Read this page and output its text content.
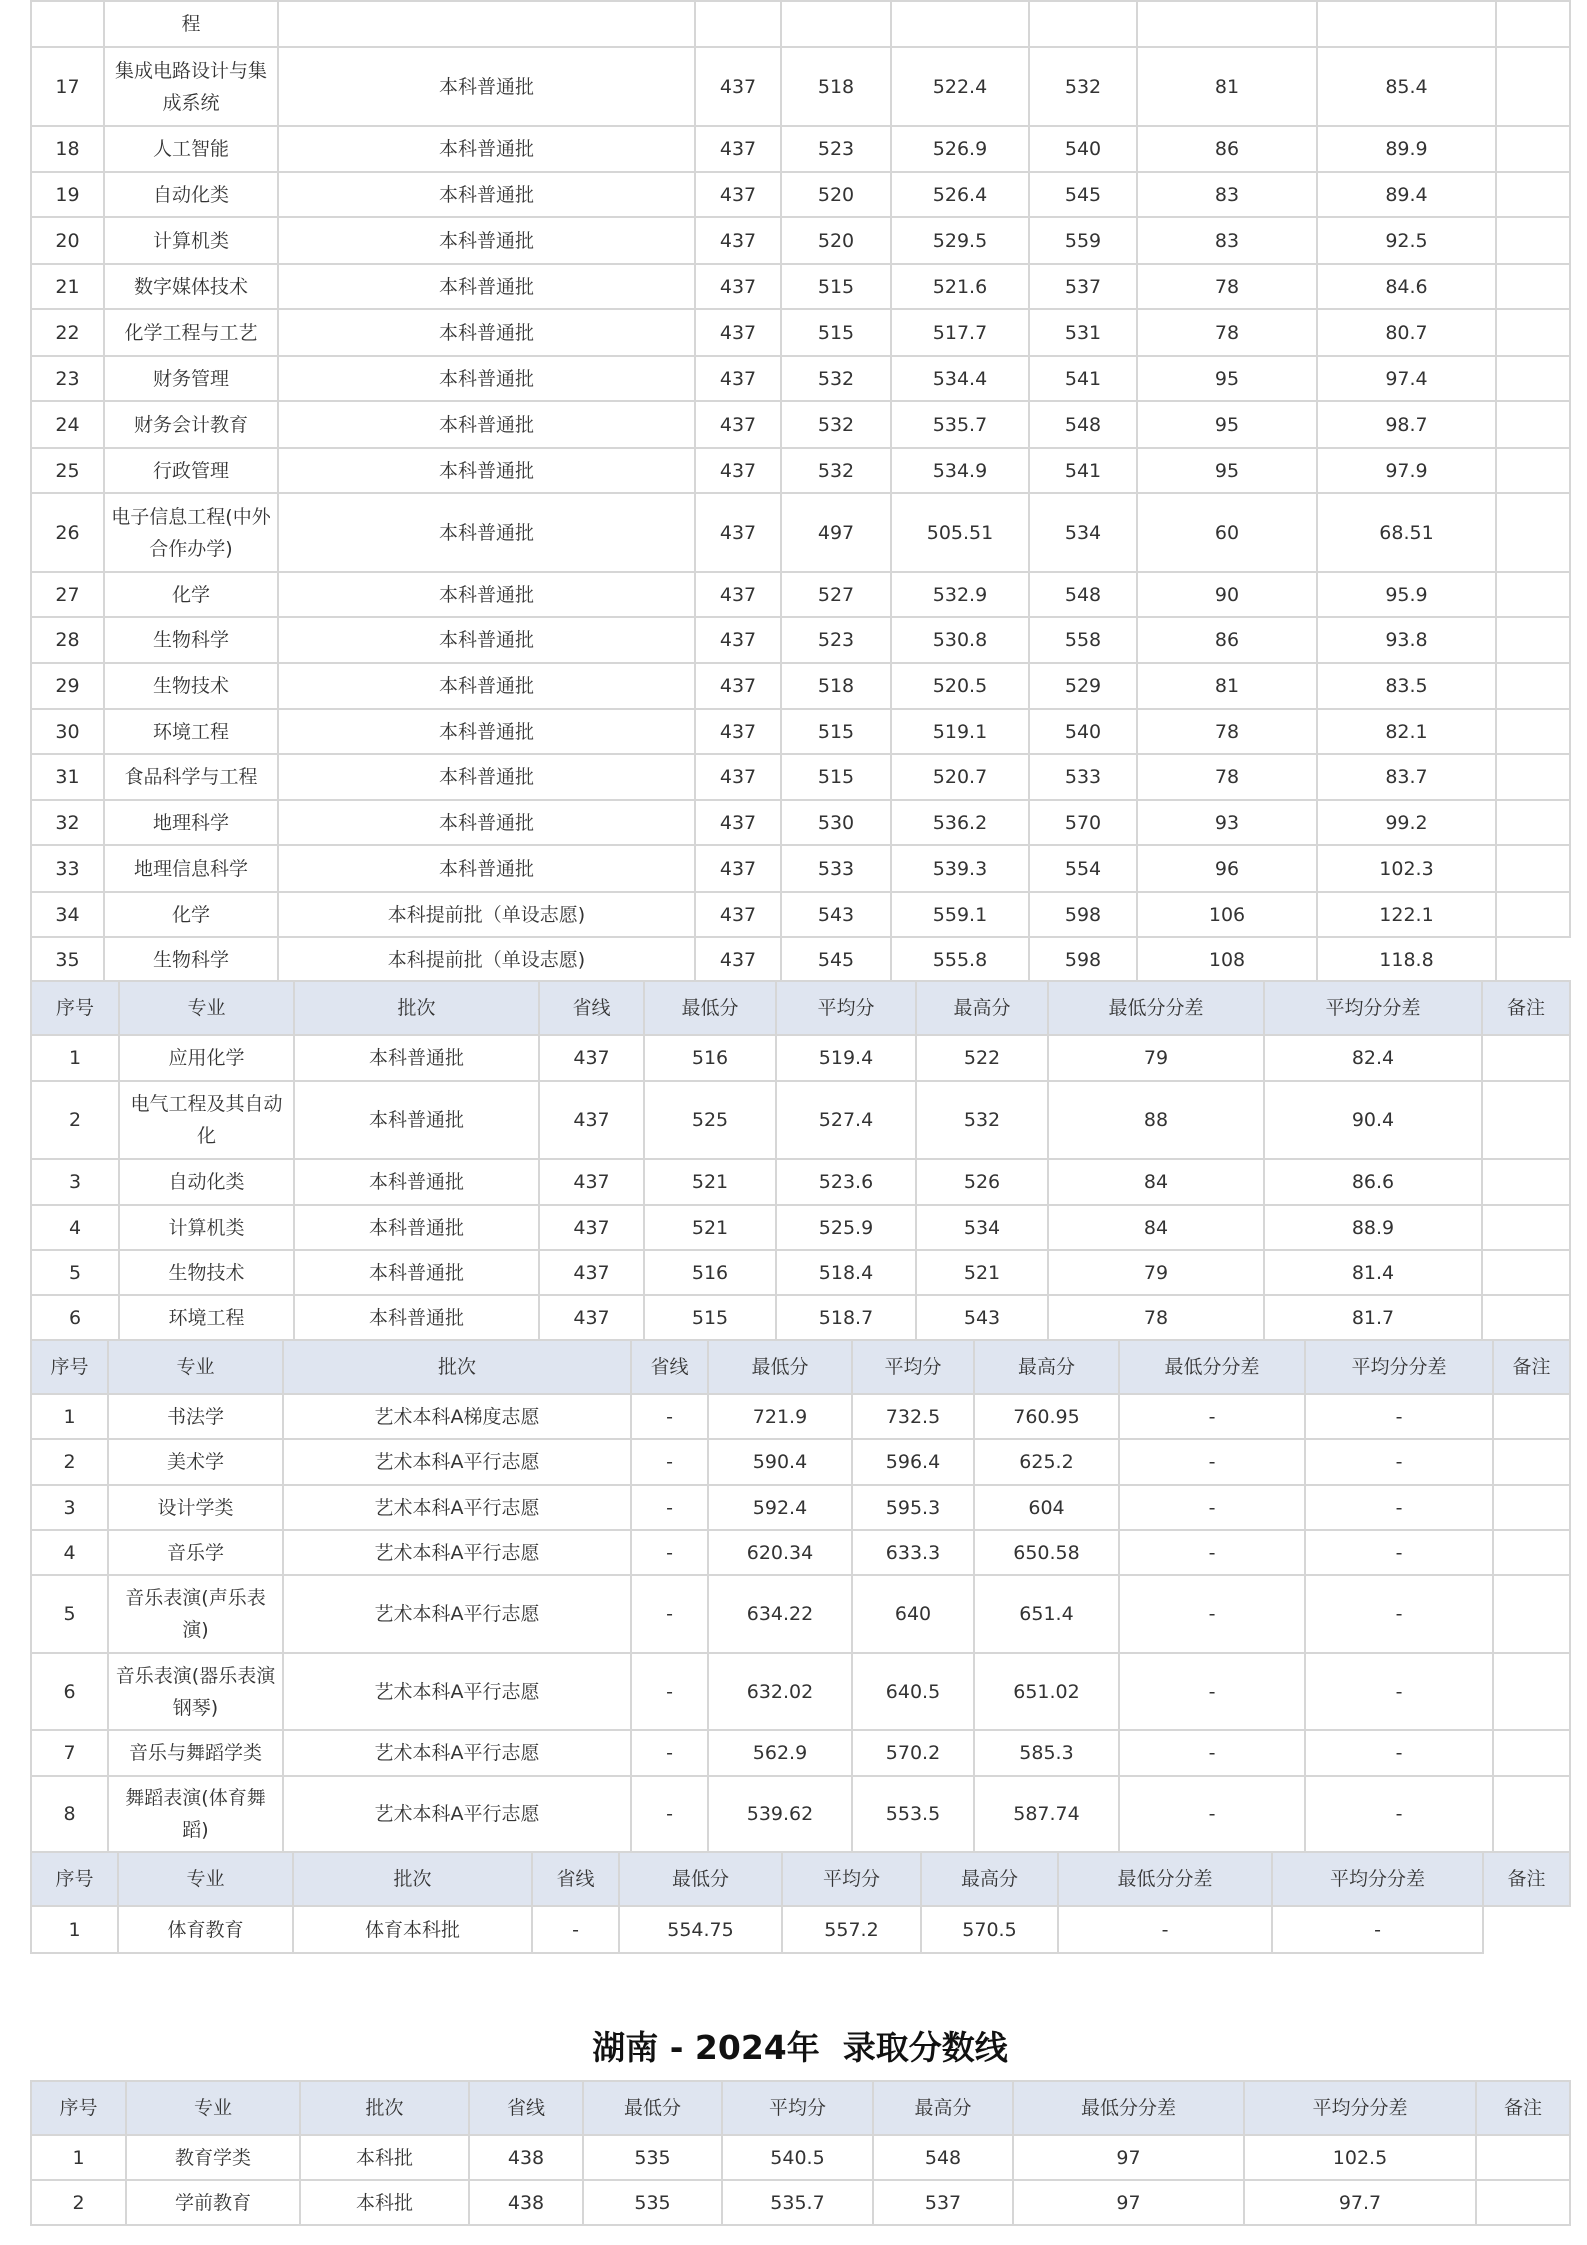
	程								
17	集成电路设计与集成系统	本科普通批	437	518	522.4	532	81	85.4	
18	人工智能	本科普通批	437	523	526.9	540	86	89.9	
19	自动化类	本科普通批	437	520	526.4	545	83	89.4	
20	计算机类	本科普通批	437	520	529.5	559	83	92.5	
21	数字媒体技术	本科普通批	437	515	521.6	537	78	84.6	
22	化学工程与工艺	本科普通批	437	515	517.7	531	78	80.7	
23	财务管理	本科普通批	437	532	534.4	541	95	97.4	
24	财务会计教育	本科普通批	437	532	535.7	548	95	98.7	
25	行政管理	本科普通批	437	532	534.9	541	95	97.9	
26	电子信息工程(中外合作办学)	本科普通批	437	497	505.51	534	60	68.51	
27	化学	本科普通批	437	527	532.9	548	90	95.9	
28	生物科学	本科普通批	437	523	530.8	558	86	93.8	
29	生物技术	本科普通批	437	518	520.5	529	81	83.5	
30	环境工程	本科普通批	437	515	519.1	540	78	82.1	
31	食品科学与工程	本科普通批	437	515	520.7	533	78	83.7	
32	地理科学	本科普通批	437	530	536.2	570	93	99.2	
33	地理信息科学	本科普通批	437	533	539.3	554	96	102.3	
34	化学	本科提前批（单设志愿)	437	543	559.1	598	106	122.1	
35	生物科学	本科提前批（单设志愿)	437	545	555.8	598	108	118.8	
序号	专业	批次	省线	最低分	平均分	最高分	最低分分差	平均分分差	备注
1	应用化学	本科普通批	437	516	519.4	522	79	82.4	
2	电气工程及其自动化	本科普通批	437	525	527.4	532	88	90.4	
3	自动化类	本科普通批	437	521	523.6	526	84	86.6	
4	计算机类	本科普通批	437	521	525.9	534	84	88.9	
5	生物技术	本科普通批	437	516	518.4	521	79	81.4	
6	环境工程	本科普通批	437	515	518.7	543	78	81.7	
序号	专业	批次	省线	最低分	平均分	最高分	最低分分差	平均分分差	备注
1	书法学	艺术本科A梯度志愿	-	721.9	732.5	760.95	-	-	
2	美术学	艺术本科A平行志愿	-	590.4	596.4	625.2	-	-	
3	设计学类	艺术本科A平行志愿	-	592.4	595.3	604	-	-	
4	音乐学	艺术本科A平行志愿	-	620.34	633.3	650.58	-	-	
5	音乐表演(声乐表演)	艺术本科A平行志愿	-	634.22	640	651.4	-	-	
6	音乐表演(器乐表演钢琴)	艺术本科A平行志愿	-	632.02	640.5	651.02	-	-	
7	音乐与舞蹈学类	艺术本科A平行志愿	-	562.9	570.2	585.3	-	-	
8	舞蹈表演(体育舞蹈)	艺术本科A平行志愿	-	539.62	553.5	587.74	-	-	
序号	专业	批次	省线	最低分	平均分	最高分	最低分分差	平均分分差	备注
1	体育教育	体育本科批	-	554.75	557.2	570.5	-	-	
湖南 - 2024年  录取分数线
序号	专业	批次	省线	最低分	平均分	最高分	最低分分差	平均分分差	备注
1	教育学类	本科批	438	535	540.5	548	97	102.5	
2	学前教育	本科批	438	535	535.7	537	97	97.7	
